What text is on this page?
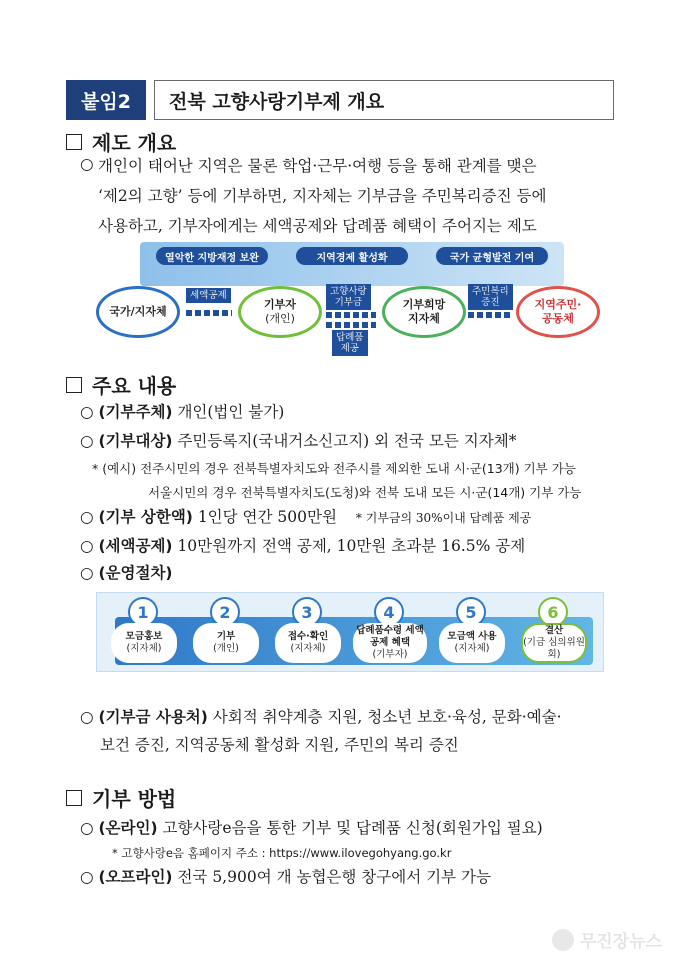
붙임2	전북 고향사랑기부제 개요
제도 개요
○ 개인이 태어난 지역은 물론 학업·근무·여행 등을 통해 관계를 맺은
‘제2의 고향’ 등에 기부하면, 지자체는 기부금을 주민복리증진 등에
사용하고, 기부자에게는 세액공제와 답례품 혜택이 주어지는 제도
열악한 지방재정 보완	지역경제 활성화	국가 균형발전 기여
국가/지자체
기부자
(개인)
기부희망
지자체
지역주민·
공동체
세액공제	고향사랑
기부금
답례품
제공
주민복리
증진
주요 내용
○ (기부주체) 개인(법인 불가)
○ (기부대상) 주민등록지(국내거소신고지) 외 전국 모든 지자체*
* (예시) 전주시민의 경우 전북특별자치도와 전주시를 제외한 도내 시·군(13개) 기부 가능
서울시민의 경우 전북특별자치도(도청)와 전북 도내 모든 시·군(14개) 기부 가능
○ (기부 상한액) 1인당 연간 500만원 * 기부금의 30%이내 답례품 제공
○ (세액공제) 10만원까지 전액 공제, 10만원 초과분 16.5% 공제
○ (운영절차)
1
모금홍보
(지자체)
2
기부
(개인)
3
접수·확인
(지자체)
4
답례품수령 세액공제 혜택
(기부자)
5
모금액 사용
(지자체)
6
결산
(기금 심의위원회)
○ (기부금 사용처) 사회적 취약계층 지원, 청소년 보호·육성, 문화·예술·
보건 증진, 지역공동체 활성화 지원, 주민의 복리 증진
기부 방법
○ (온라인) 고향사랑e음을 통한 기부 및 답례품 신청(회원가입 필요)
* 고향사랑e음 홈페이지 주소 : https://www.ilovegohyang.go.kr
○ (오프라인) 전국 5,900여 개 농협은행 창구에서 기부 가능
무진장뉴스
